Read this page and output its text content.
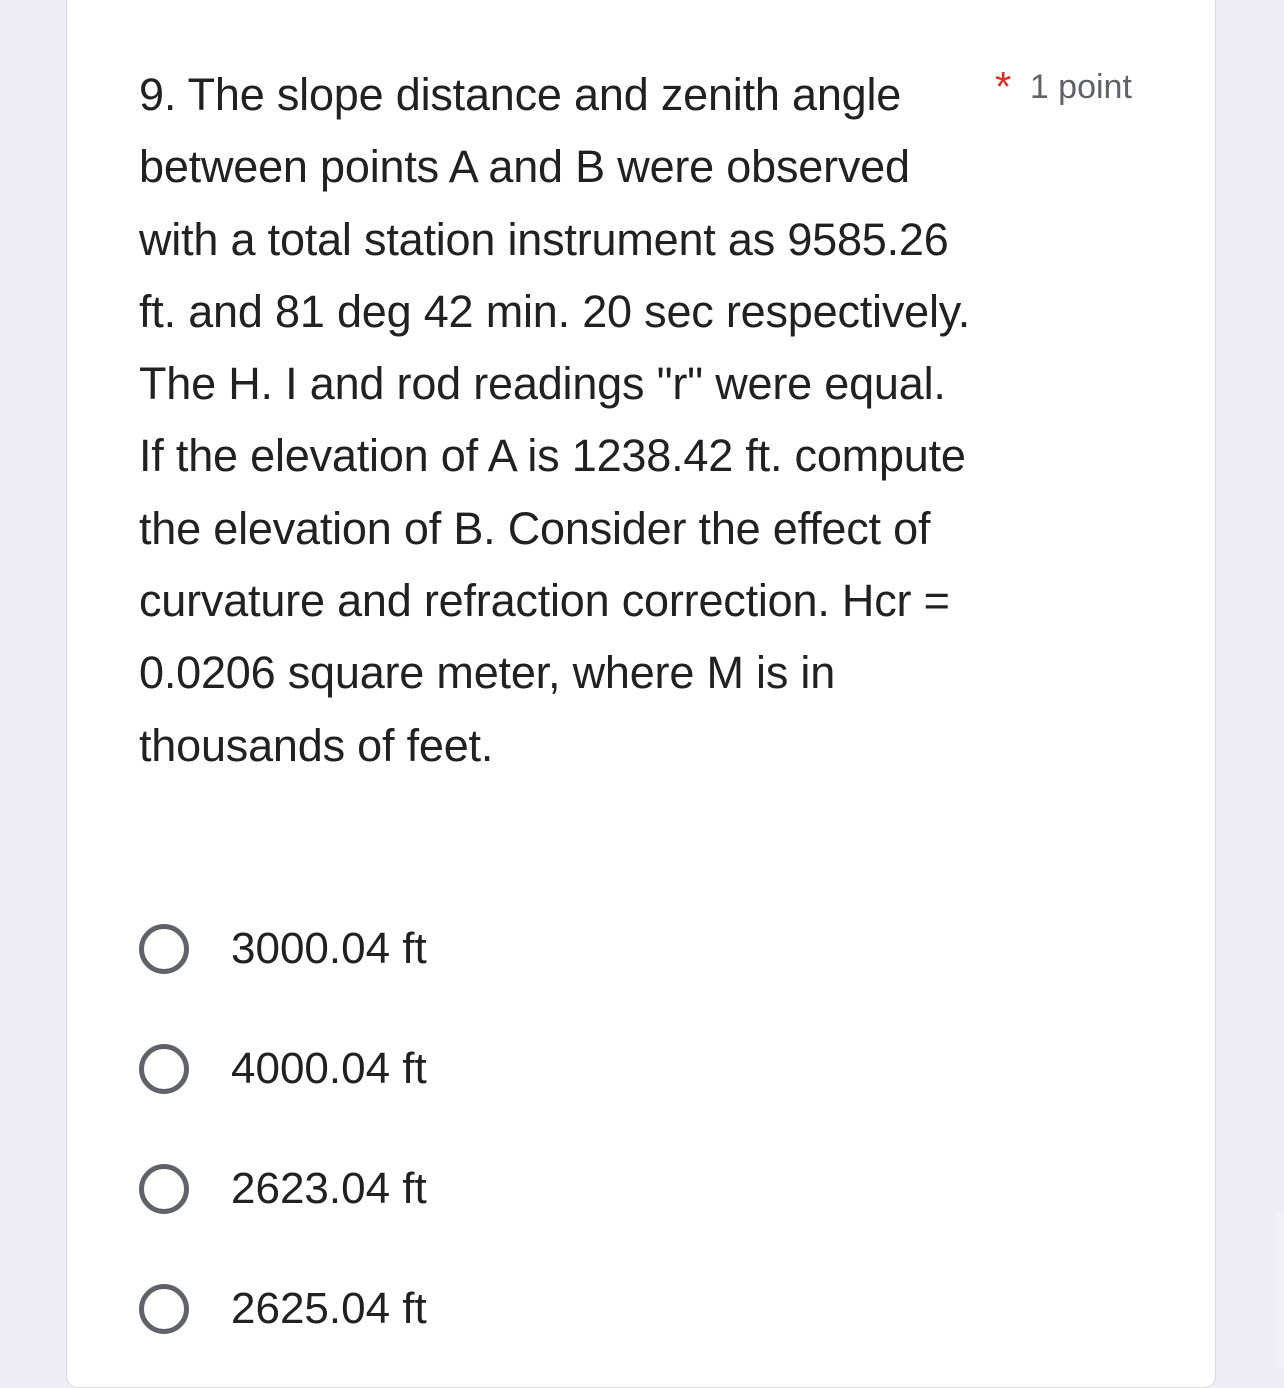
9. The slope distance and zenith angle between points A and B were observed with a total station instrument as 9585.26 ft. and 81 deg 42 min. 20 sec respectively. The H. I and rod readings "r" were equal. If the elevation of A is 1238.42 ft. compute the elevation of B. Consider the effect of curvature and refraction correction. Hcr = 0.0206 square meter, where M is in thousands of feet.

* 1 point
3000.04 ft
4000.04 ft
2623.04 ft
2625.04 ft
